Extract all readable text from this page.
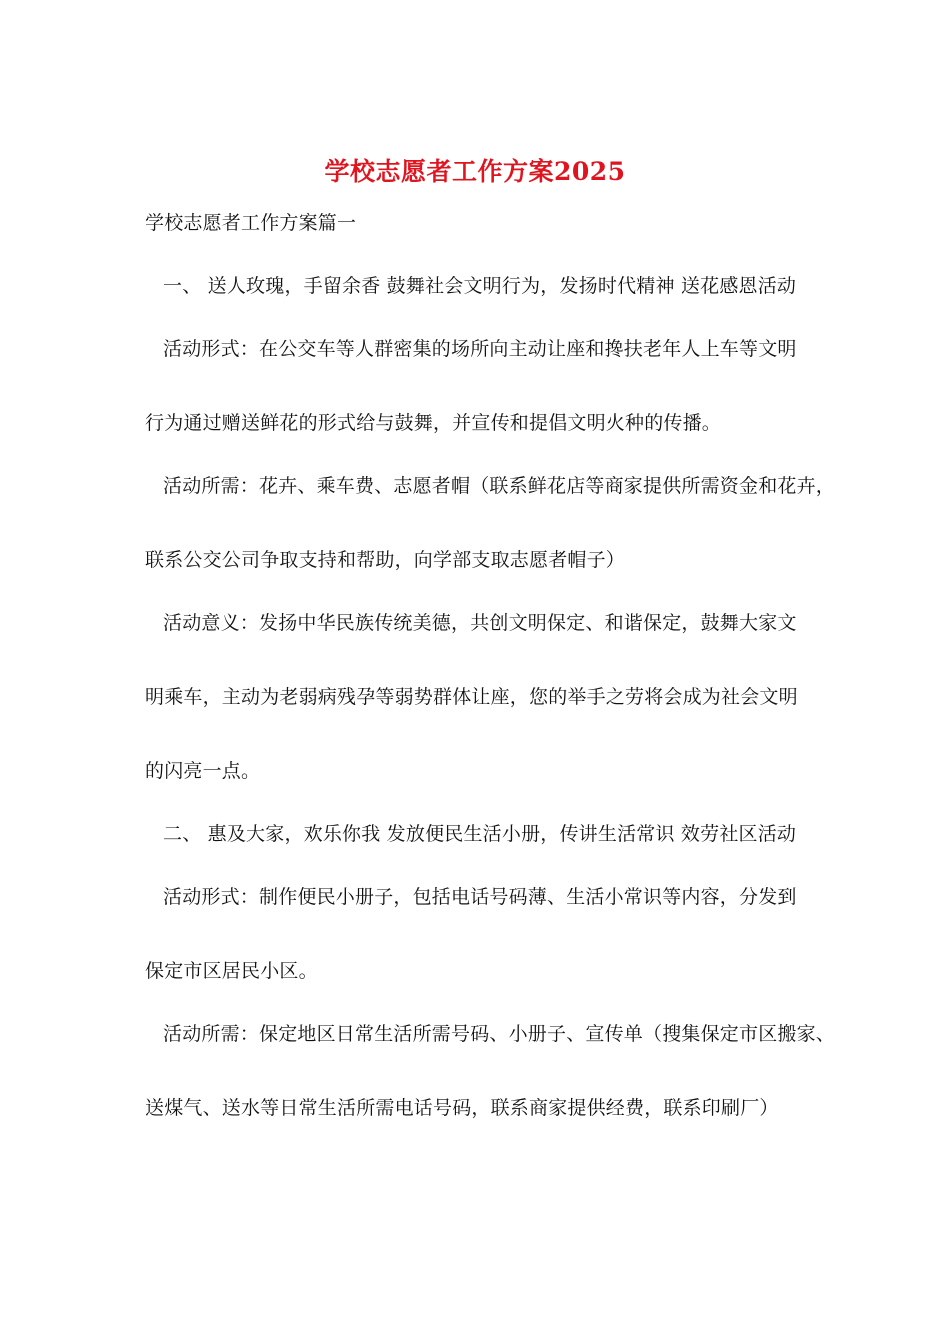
学校志愿者工作方案2025
学校志愿者工作方案篇一
一、 送人玫瑰，手留余香 鼓舞社会文明行为，发扬时代精神 送花感恩活动
活动形式：在公交车等人群密集的场所向主动让座和搀扶老年人上车等文明
行为通过赠送鲜花的形式给与鼓舞，并宣传和提倡文明火种的传播。
活动所需：花卉、乘车费、志愿者帽（联系鲜花店等商家提供所需资金和花卉，
联系公交公司争取支持和帮助，向学部支取志愿者帽子）
活动意义：发扬中华民族传统美德，共创文明保定、和谐保定，鼓舞大家文
明乘车，主动为老弱病残孕等弱势群体让座，您的举手之劳将会成为社会文明
的闪亮一点。
二、 惠及大家，欢乐你我 发放便民生活小册，传讲生活常识 效劳社区活动
活动形式：制作便民小册子，包括电话号码薄、生活小常识等内容，分发到
保定市区居民小区。
活动所需：保定地区日常生活所需号码、小册子、宣传单（搜集保定市区搬家、
送煤气、送水等日常生活所需电话号码，联系商家提供经费，联系印刷厂）
